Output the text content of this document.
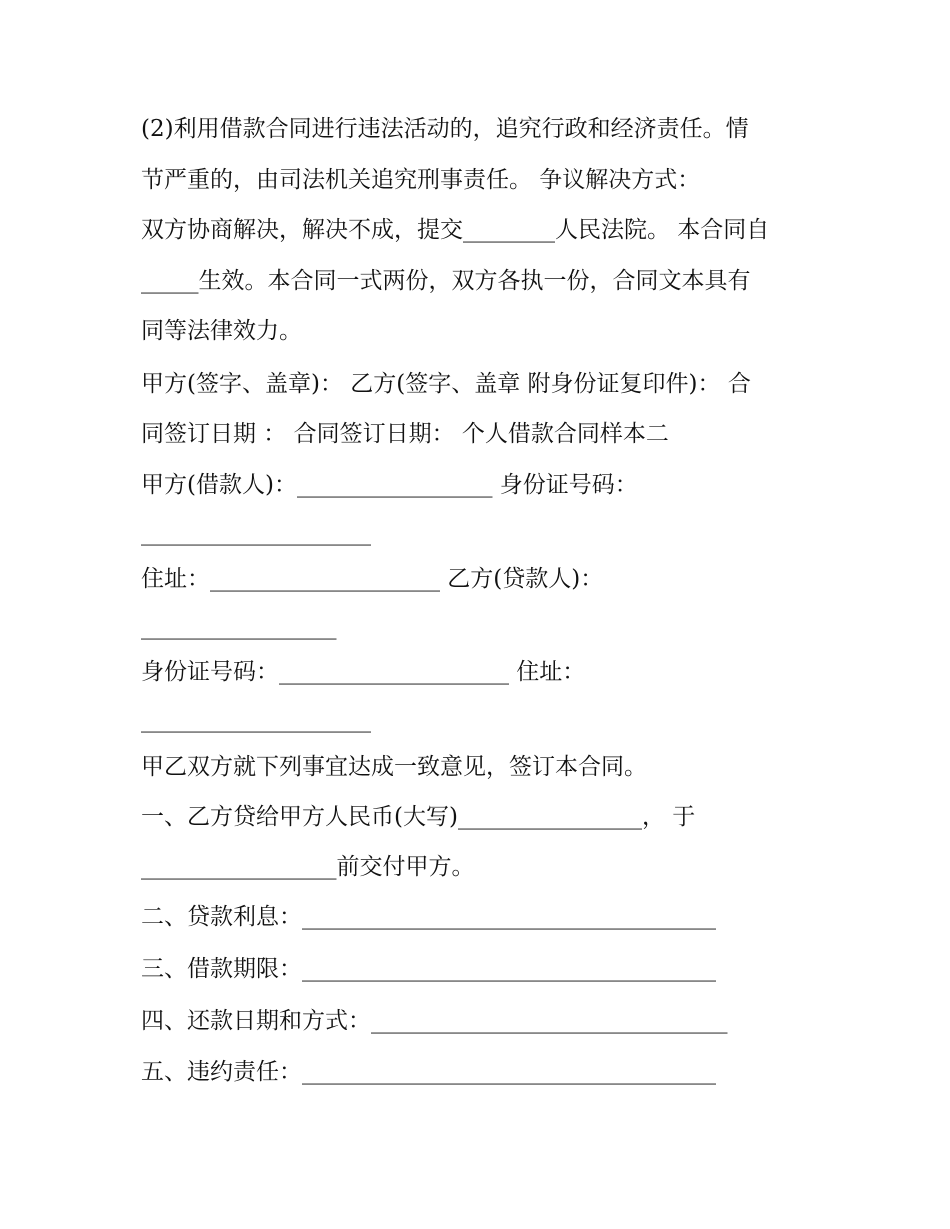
(2)利用借款合同进行违法活动的，追究行政和经济责任。情

节严重的，由司法机关追究刑事责任。 争议解决方式：

双方协商解决，解决不成，提交________人民法院。 本合同自

_____生效。本合同一式两份，双方各执一份，合同文本具有

同等法律效力。

甲方(签字、盖章)： 乙方(签字、盖章 附身份证复印件)： 合

同签订日期 ： 合同签订日期： 个人借款合同样本二

甲方(借款人)：_________________ 身份证号码：

____________________

住址：____________________ 乙方(贷款人)：

_________________

身份证号码：____________________ 住址：

____________________

甲乙双方就下列事宜达成一致意见，签订本合同。

一、乙方贷给甲方人民币(大写)________________， 于

_________________前交付甲方。

二、贷款利息：____________________________________

三、借款期限：____________________________________

四、还款日期和方式：_______________________________

五、违约责任：____________________________________
